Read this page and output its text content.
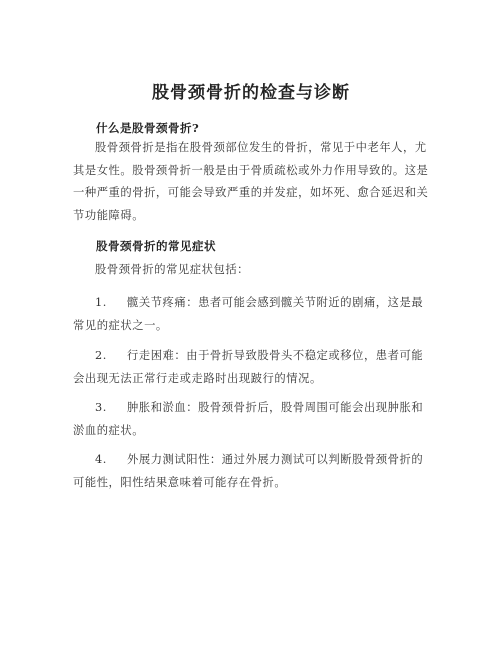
股骨颈骨折的检查与诊断
什么是股骨颈骨折?

股骨颈骨折是指在股骨颈部位发生的骨折，常见于中老年人，尤其是女性。股骨颈骨折一般是由于骨质疏松或外力作用导致的。这是一种严重的骨折，可能会导致严重的并发症，如坏死、愈合延迟和关节功能障碍。

股骨颈骨折的常见症状

股骨颈骨折的常见症状包括：

1. 髋关节疼痛：患者可能会感到髋关节附近的剧痛，这是最常见的症状之一。

2. 行走困难：由于骨折导致股骨头不稳定或移位，患者可能会出现无法正常行走或走路时出现跛行的情况。

3. 肿胀和淤血：股骨颈骨折后，股骨周围可能会出现肿胀和淤血的症状。

4. 外展力测试阳性：通过外展力测试可以判断股骨颈骨折的可能性，阳性结果意味着可能存在骨折。
